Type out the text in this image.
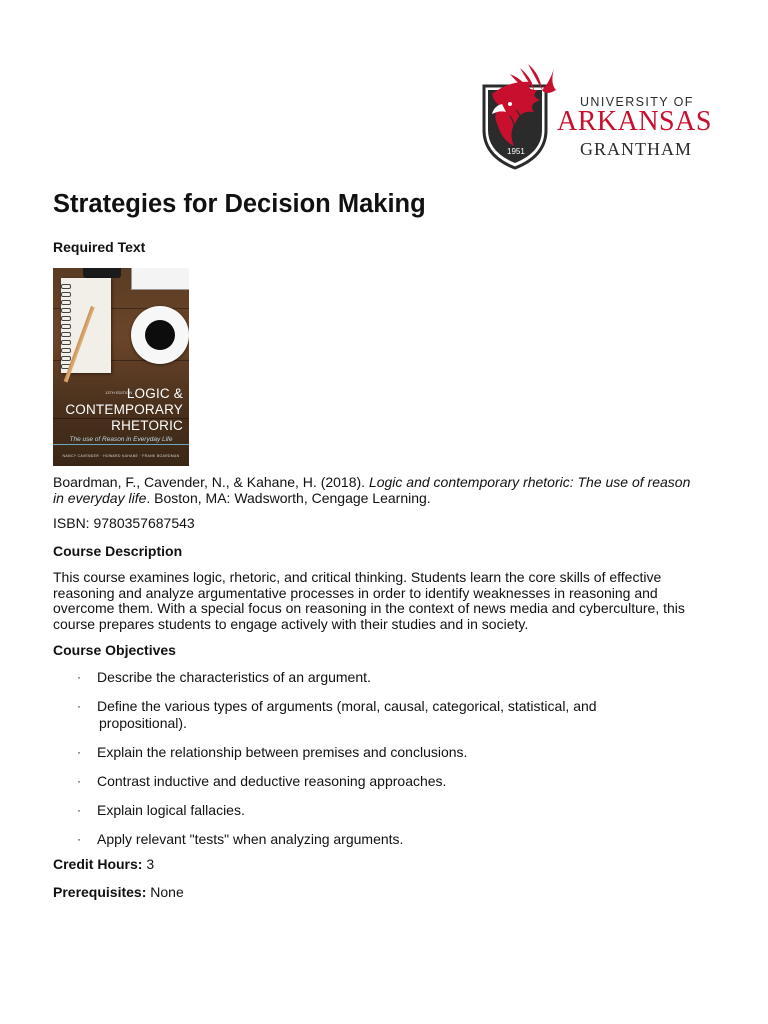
1951
UNIVERSITY OF
ARKANSAS
GRANTHAM
Strategies for Decision Making
Required Text
13TH EDITION
LOGIC &
CONTEMPORARY
RHETORIC
The use of Reason in Everyday Life
NANCY CAVENDER · HOWARD KAHANE · FRANK BOARDMAN

Boardman, F., Cavender, N., & Kahane, H. (2018). Logic and contemporary rhetoric: The use of reason in everyday life. Boston, MA: Wadsworth, Cengage Learning.

ISBN: 9780357687543

Course Description

This course examines logic, rhetoric, and critical thinking. Students learn the core skills of effective reasoning and analyze argumentative processes in order to identify weaknesses in reasoning and overcome them. With a special focus on reasoning in the context of news media and cyberculture, this course prepares students to engage actively with their studies and in society.

Course Objectives
· Describe the characteristics of an argument.
· Define the various types of arguments (moral, causal, categorical, statistical, and
propositional).
· Explain the relationship between premises and conclusions.
· Contrast inductive and deductive reasoning approaches.
· Explain logical fallacies.
· Apply relevant "tests" when analyzing arguments.
Credit Hours: 3
Prerequisites: None
